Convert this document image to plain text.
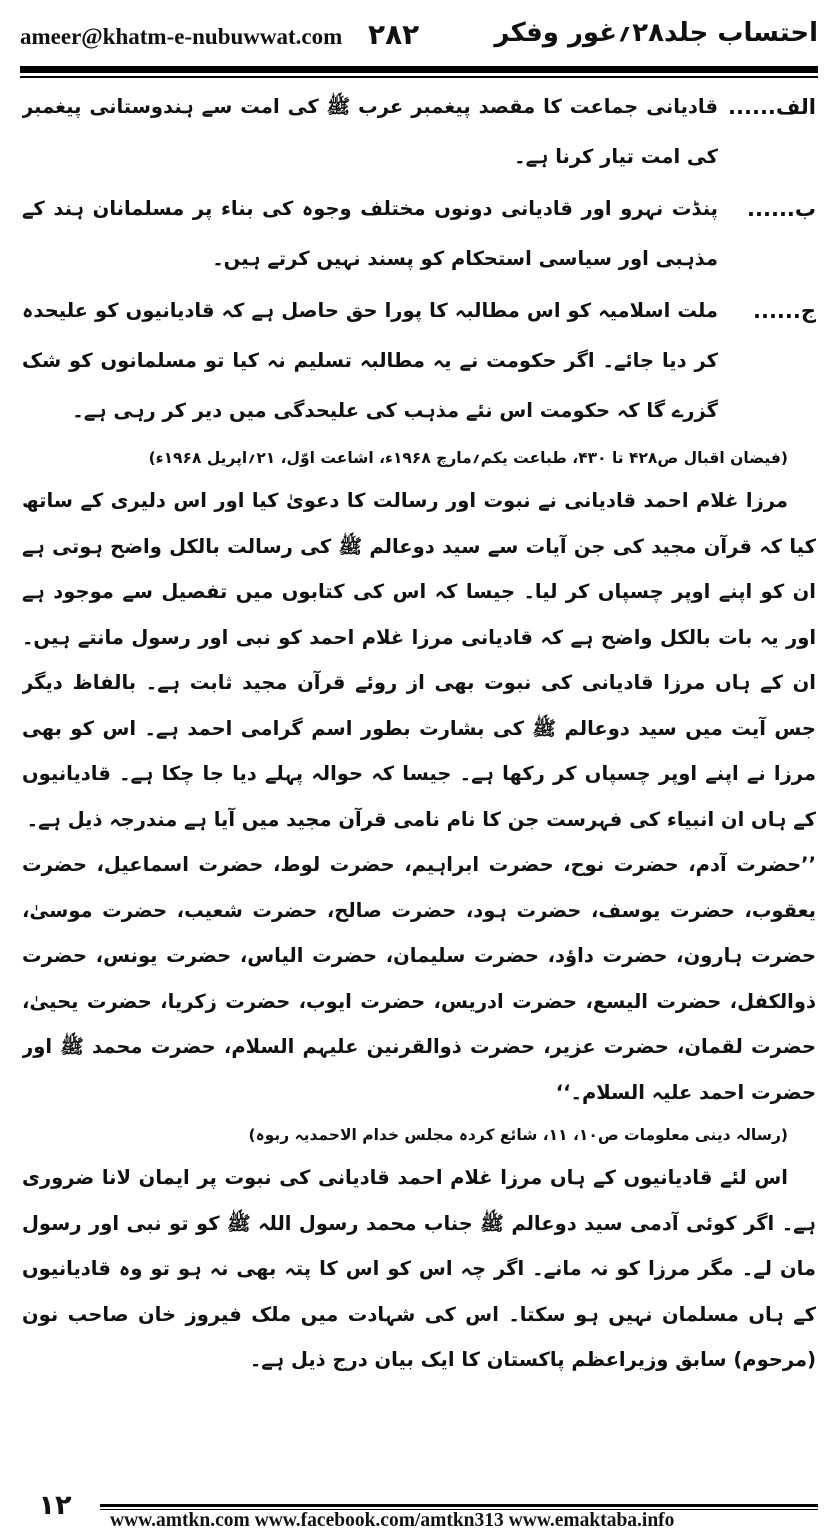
ameer@khatm-e-nubuwwat.com ۲۸۲	احتساب جلد۲۸؍غور وفکر
الف......
قادیانی جماعت کا مقصد پیغمبر عرب ﷺ کی امت سے ہندوستانی پیغمبر کی امت تیار کرنا ہے۔
ب......
پنڈت نہرو اور قادیانی دونوں مختلف وجوہ کی بناء پر مسلمانان ہند کے مذہبی اور سیاسی استحکام کو پسند نہیں کرتے ہیں۔
ج......
ملت اسلامیہ کو اس مطالبہ کا پورا حق حاصل ہے کہ قادیانیوں کو علیحدہ کر دیا جائے۔ اگر حکومت نے یہ مطالبہ تسلیم نہ کیا تو مسلمانوں کو شک گزرے گا کہ حکومت اس نئے مذہب کی علیحدگی میں دیر کر رہی ہے۔
(فیضان اقبال ص۴۲۸ تا ۴۳۰، طباعت یکم؍مارچ ۱۹۶۸ء، اشاعت اوّل، ۲۱؍اپریل ۱۹۶۸ء)

مرزا غلام احمد قادیانی نے نبوت اور رسالت کا دعویٰ کیا اور اس دلیری کے ساتھ کیا کہ قرآن مجید کی جن آیات سے سید دوعالم ﷺ کی رسالت بالکل واضح ہوتی ہے ان کو اپنے اوپر چسپاں کر لیا۔ جیسا کہ اس کی کتابوں میں تفصیل سے موجود ہے اور یہ بات بالکل واضح ہے کہ قادیانی مرزا غلام احمد کو نبی اور رسول مانتے ہیں۔ ان کے ہاں مرزا قادیانی کی نبوت بھی از روئے قرآن مجید ثابت ہے۔ بالفاظ دیگر جس آیت میں سید دوعالم ﷺ کی بشارت بطور اسم گرامی احمد ہے۔ اس کو بھی مرزا نے اپنے اوپر چسپاں کر رکھا ہے۔ جیسا کہ حوالہ پہلے دیا جا چکا ہے۔ قادیانیوں کے ہاں ان انبیاء کی فہرست جن کا نام نامی قرآن مجید میں آیا ہے مندرجہ ذیل ہے۔

’’حضرت آدم، حضرت نوح، حضرت ابراہیم، حضرت لوط، حضرت اسماعیل، حضرت یعقوب، حضرت یوسف، حضرت ہود، حضرت صالح، حضرت شعیب، حضرت موسیٰ، حضرت ہارون، حضرت داؤد، حضرت سلیمان، حضرت الیاس، حضرت یونس، حضرت ذوالکفل، حضرت الیسع، حضرت ادریس، حضرت ایوب، حضرت زکریا، حضرت یحییٰ، حضرت لقمان، حضرت عزیر، حضرت ذوالقرنین علیہم السلام، حضرت محمد ﷺ اور حضرت احمد علیہ السلام۔‘‘

(رسالہ دینی معلومات ص۱۰، ۱۱، شائع کردہ مجلس خدام الاحمدیہ ربوہ)

اس لئے قادیانیوں کے ہاں مرزا غلام احمد قادیانی کی نبوت پر ایمان لانا ضروری ہے۔ اگر کوئی آدمی سید دوعالم ﷺ جناب محمد رسول اللہ ﷺ کو تو نبی اور رسول مان لے۔ مگر مرزا کو نہ مانے۔ اگر چہ اس کو اس کا پتہ بھی نہ ہو تو وہ قادیانیوں کے ہاں مسلمان نہیں ہو سکتا۔ اس کی شہادت میں ملک فیروز خان صاحب نون (مرحوم) سابق وزیراعظم پاکستان کا ایک بیان درج ذیل ہے۔

۱۲	www.amtkn.com www.facebook.com/amtkn313 www.emaktaba.info
